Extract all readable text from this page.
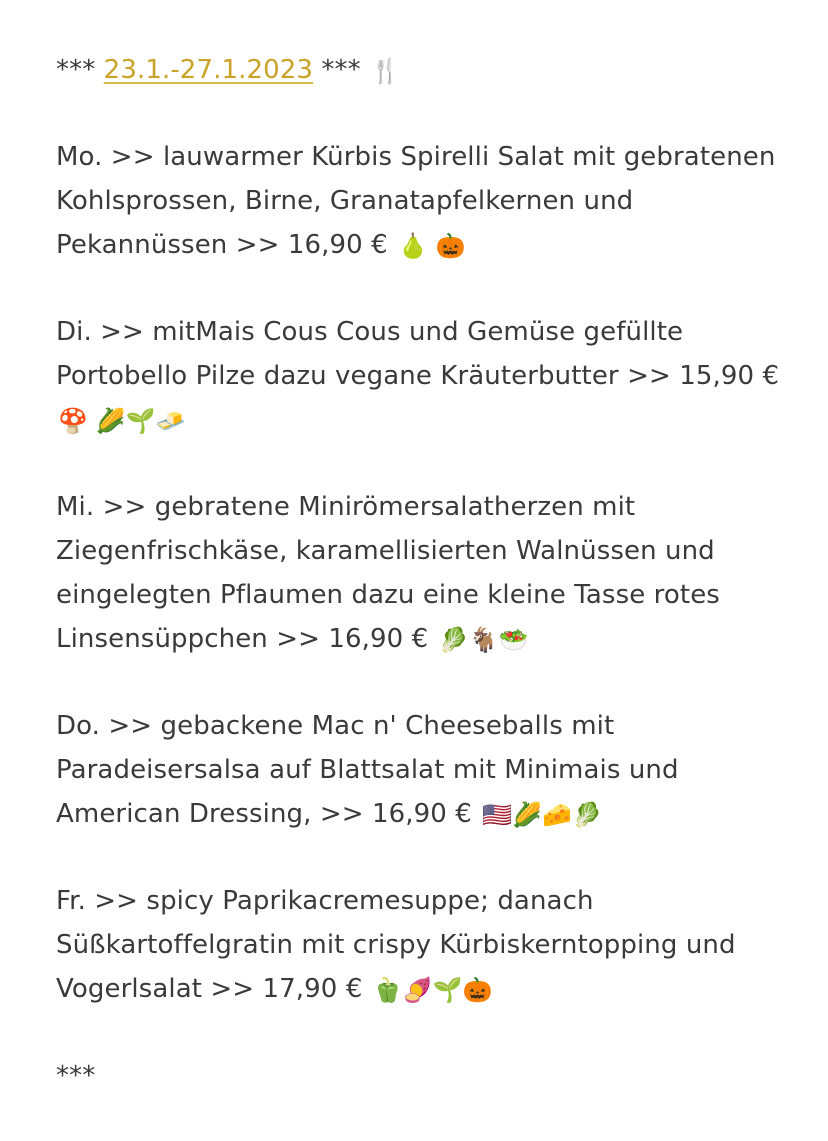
*** 23.1.-27.1.2023 *** 🍴

Mo. >> lauwarmer Kürbis Spirelli Salat mit gebratenen Kohlsprossen, Birne, Granatapfelkernen und Pekannüssen >> 16,90 € 🍐 🎃

Di. >> mitMais Cous Cous und Gemüse gefüllte Portobello Pilze dazu vegane Kräuterbutter >> 15,90 € 🍄 🌽🌱🧈

Mi. >> gebratene Minirömersalatherzen mit Ziegenfrischkäse, karamellisierten Walnüssen und eingelegten Pflaumen dazu eine kleine Tasse rotes Linsensüppchen >> 16,90 € 🥬🐐🥗

Do. >> gebackene Mac n' Cheeseballs mit Paradeisersalsa auf Blattsalat mit Minimais und American Dressing, >> 16,90 € 🇺🇸🌽🧀🥬

Fr. >> spicy Paprikacremesuppe; danach Süßkartoffelgratin mit crispy Kürbiskerntopping und Vogerlsalat >> 17,90 € 🫑🍠🌱🎃

***
